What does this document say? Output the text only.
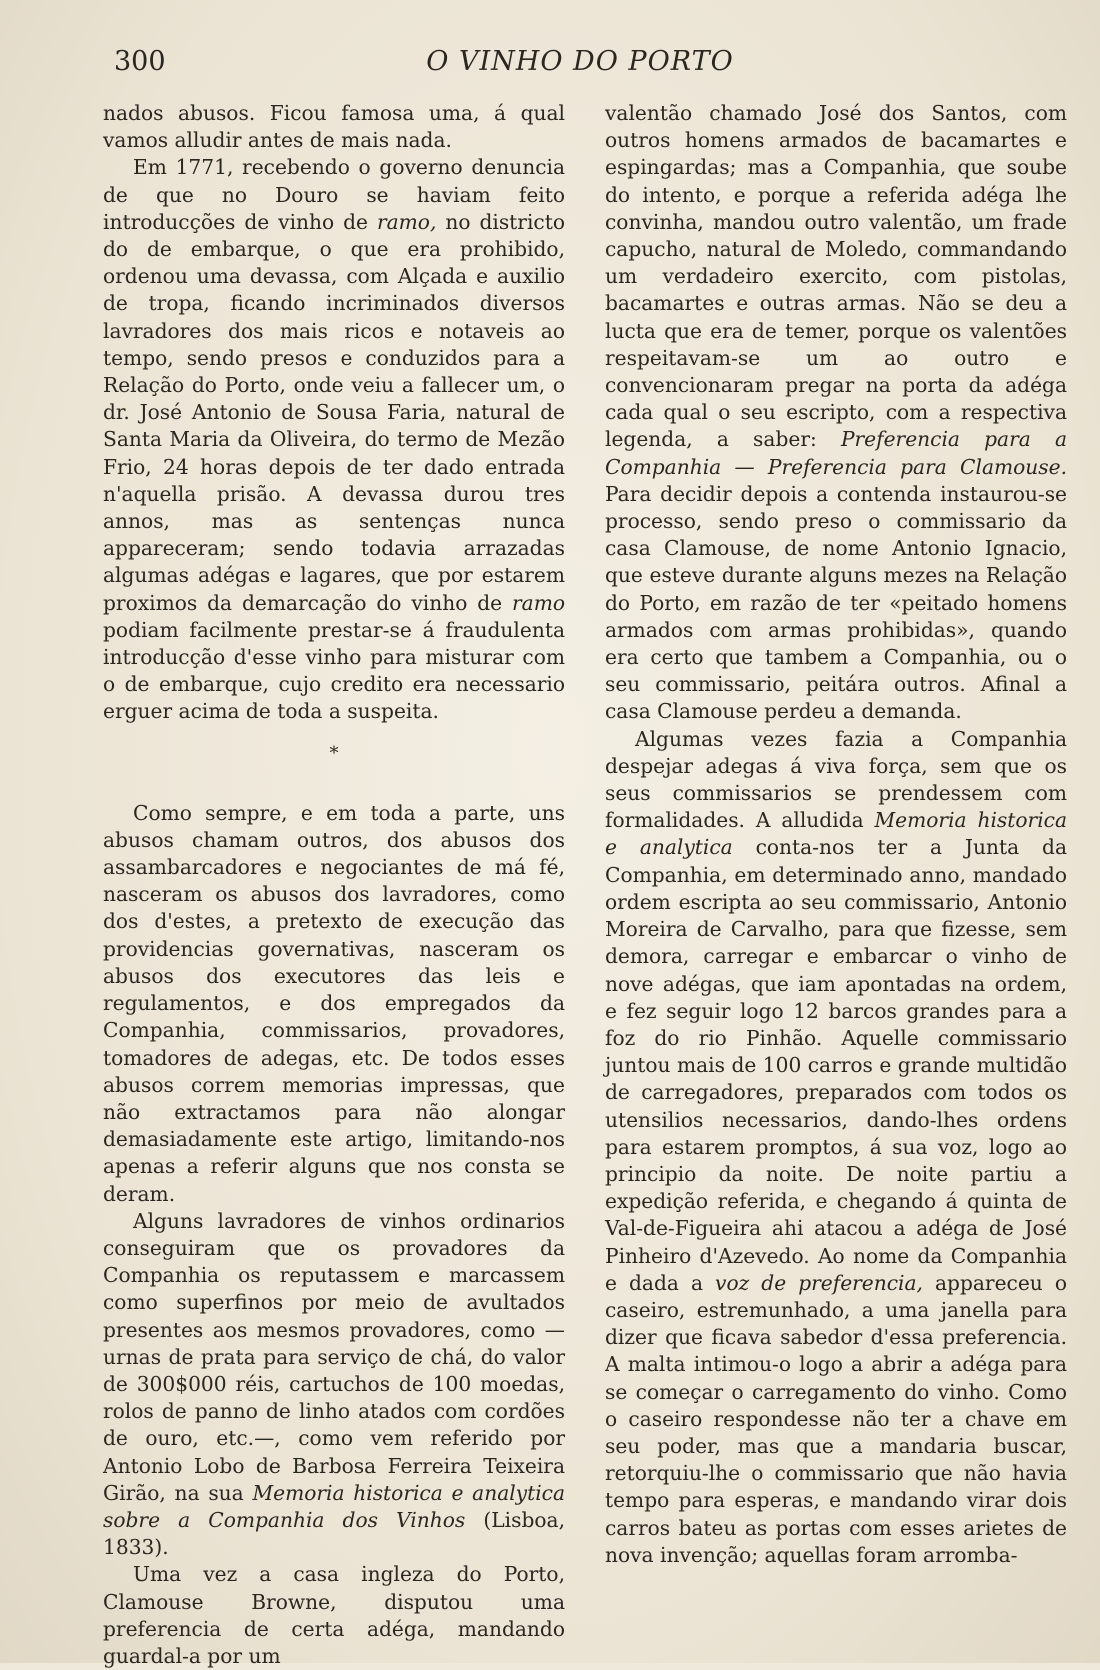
300	O VINHO DO PORTO

nados abusos. Ficou famosa uma, á qual vamos alludir antes de mais nada.

Em 1771, recebendo o governo denuncia de que no Douro se haviam feito introducções de vinho de ramo, no districto do de embarque, o que era prohibido, ordenou uma devassa, com Alçada e auxilio de tropa, ficando incriminados diversos lavradores dos mais ricos e notaveis ao tempo, sendo presos e conduzidos para a Relação do Porto, onde veiu a fallecer um, o dr. José Antonio de Sousa Faria, natural de Santa Maria da Oliveira, do termo de Mezão Frio, 24 horas depois de ter dado entrada n'aquella prisão. A devassa durou tres annos, mas as sentenças nunca appareceram; sendo todavia arrazadas algumas adégas e lagares, que por estarem proximos da demarcação do vinho de ramo podiam facilmente prestar-se á fraudulenta introducção d'esse vinho para misturar com o de embarque, cujo credito era necessario erguer acima de toda a suspeita.

*

Como sempre, e em toda a parte, uns abusos chamam outros, dos abusos dos assambarcadores e negociantes de má fé, nasceram os abusos dos lavradores, como dos d'estes, a pretexto de execução das providencias governativas, nasceram os abusos dos executores das leis e regulamentos, e dos empregados da Companhia, commissarios, provadores, tomadores de adegas, etc. De todos esses abusos correm memorias impressas, que não extractamos para não alongar demasiadamente este artigo, limitando-nos apenas a referir alguns que nos consta se deram.

Alguns lavradores de vinhos ordinarios conseguiram que os provadores da Companhia os reputassem e marcassem como superfinos por meio de avultados presentes aos mesmos provadores, como — urnas de prata para serviço de chá, do valor de 300$000 réis, cartuchos de 100 moedas, rolos de panno de linho atados com cordões de ouro, etc.—, como vem referido por Antonio Lobo de Barbosa Ferreira Teixeira Girão, na sua Memoria historica e analytica sobre a Companhia dos Vinhos (Lisboa, 1833).

Uma vez a casa ingleza do Porto, Clamouse Browne, disputou uma preferencia de certa adéga, mandando guardal-a por um

valentão chamado José dos Santos, com outros homens armados de bacamartes e espingardas; mas a Companhia, que soube do intento, e porque a referida adéga lhe convinha, mandou outro valentão, um frade capucho, natural de Moledo, commandando um verdadeiro exercito, com pistolas, bacamartes e outras armas. Não se deu a lucta que era de temer, porque os valentões respeitavam-se um ao outro e convencionaram pregar na porta da adéga cada qual o seu escripto, com a respectiva legenda, a saber: Preferencia para a Companhia — Preferencia para Clamouse. Para decidir depois a contenda instaurou-se processo, sendo preso o commissario da casa Clamouse, de nome Antonio Ignacio, que esteve durante alguns mezes na Relação do Porto, em razão de ter «peitado homens armados com armas prohibidas», quando era certo que tambem a Companhia, ou o seu commissario, peitára outros. Afinal a casa Clamouse perdeu a demanda.

Algumas vezes fazia a Companhia despejar adegas á viva força, sem que os seus commissarios se prendessem com formalidades. A alludida Memoria historica e analytica conta-nos ter a Junta da Companhia, em determinado anno, mandado ordem escripta ao seu commissario, Antonio Moreira de Carvalho, para que fizesse, sem demora, carregar e embarcar o vinho de nove adégas, que iam apontadas na ordem, e fez seguir logo 12 barcos grandes para a foz do rio Pinhão. Aquelle commissario juntou mais de 100 carros e grande multidão de carregadores, preparados com todos os utensilios necessarios, dando-lhes ordens para estarem promptos, á sua voz, logo ao principio da noite. De noite partiu a expedição referida, e chegando á quinta de Val-de-Figueira ahi atacou a adéga de José Pinheiro d'Azevedo. Ao nome da Companhia e dada a voz de preferencia, appareceu o caseiro, estremunhado, a uma janella para dizer que ficava sabedor d'essa preferencia. A malta intimou-o logo a abrir a adéga para se começar o carregamento do vinho. Como o caseiro respondesse não ter a chave em seu poder, mas que a mandaria buscar, retorquiu-lhe o commissario que não havia tempo para esperas, e mandando virar dois carros bateu as portas com esses arietes de nova invenção; aquellas foram arromba-
